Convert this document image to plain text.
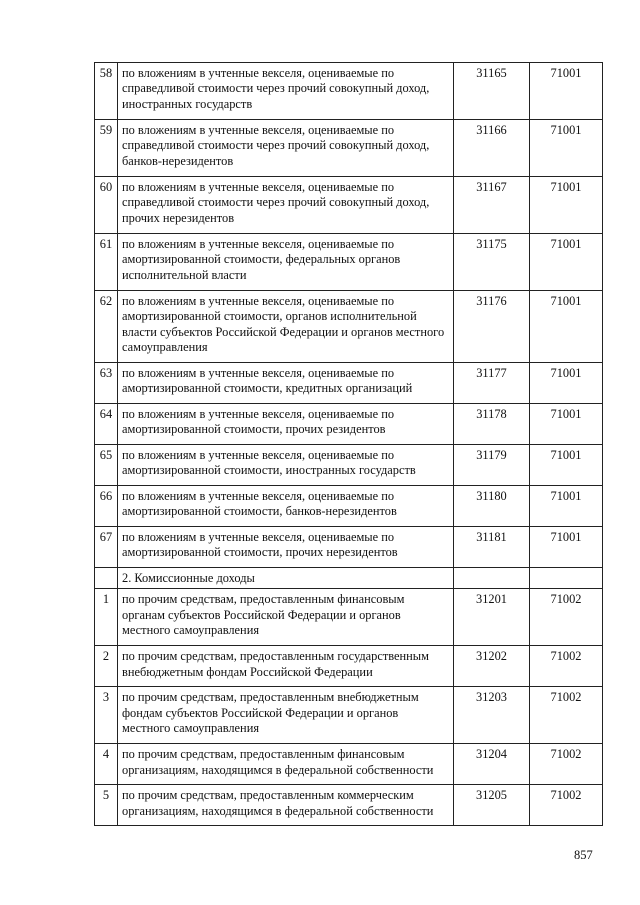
58	по вложениям в учтенные векселя, оцениваемые по справедливой стоимости через прочий совокупный доход, иностранных государств	31165	71001
59	по вложениям в учтенные векселя, оцениваемые по справедливой стоимости через прочий совокупный доход, банков-нерезидентов	31166	71001
60	по вложениям в учтенные векселя, оцениваемые по справедливой стоимости через прочий совокупный доход, прочих нерезидентов	31167	71001
61	по вложениям в учтенные векселя, оцениваемые по амортизированной стоимости, федеральных органов исполнительной власти	31175	71001
62	по вложениям в учтенные векселя, оцениваемые по амортизированной стоимости, органов исполнительной власти субъектов Российской Федерации и органов местного самоуправления	31176	71001
63	по вложениям в учтенные векселя, оцениваемые по амортизированной стоимости, кредитных организаций	31177	71001
64	по вложениям в учтенные векселя, оцениваемые по амортизированной стоимости, прочих резидентов	31178	71001
65	по вложениям в учтенные векселя, оцениваемые по амортизированной стоимости, иностранных государств	31179	71001
66	по вложениям в учтенные векселя, оцениваемые по амортизированной стоимости, банков-нерезидентов	31180	71001
67	по вложениям в учтенные векселя, оцениваемые по амортизированной стоимости, прочих нерезидентов	31181	71001
	2. Комиссионные доходы		
1	по прочим средствам, предоставленным финансовым органам субъектов Российской Федерации и органов местного самоуправления	31201	71002
2	по прочим средствам, предоставленным государственным внебюджетным фондам Российской Федерации	31202	71002
3	по прочим средствам, предоставленным внебюджетным фондам субъектов Российской Федерации и органов местного самоуправления	31203	71002
4	по прочим средствам, предоставленным финансовым организациям, находящимся в федеральной собственности	31204	71002
5	по прочим средствам, предоставленным коммерческим организациям, находящимся в федеральной собственности	31205	71002
857
